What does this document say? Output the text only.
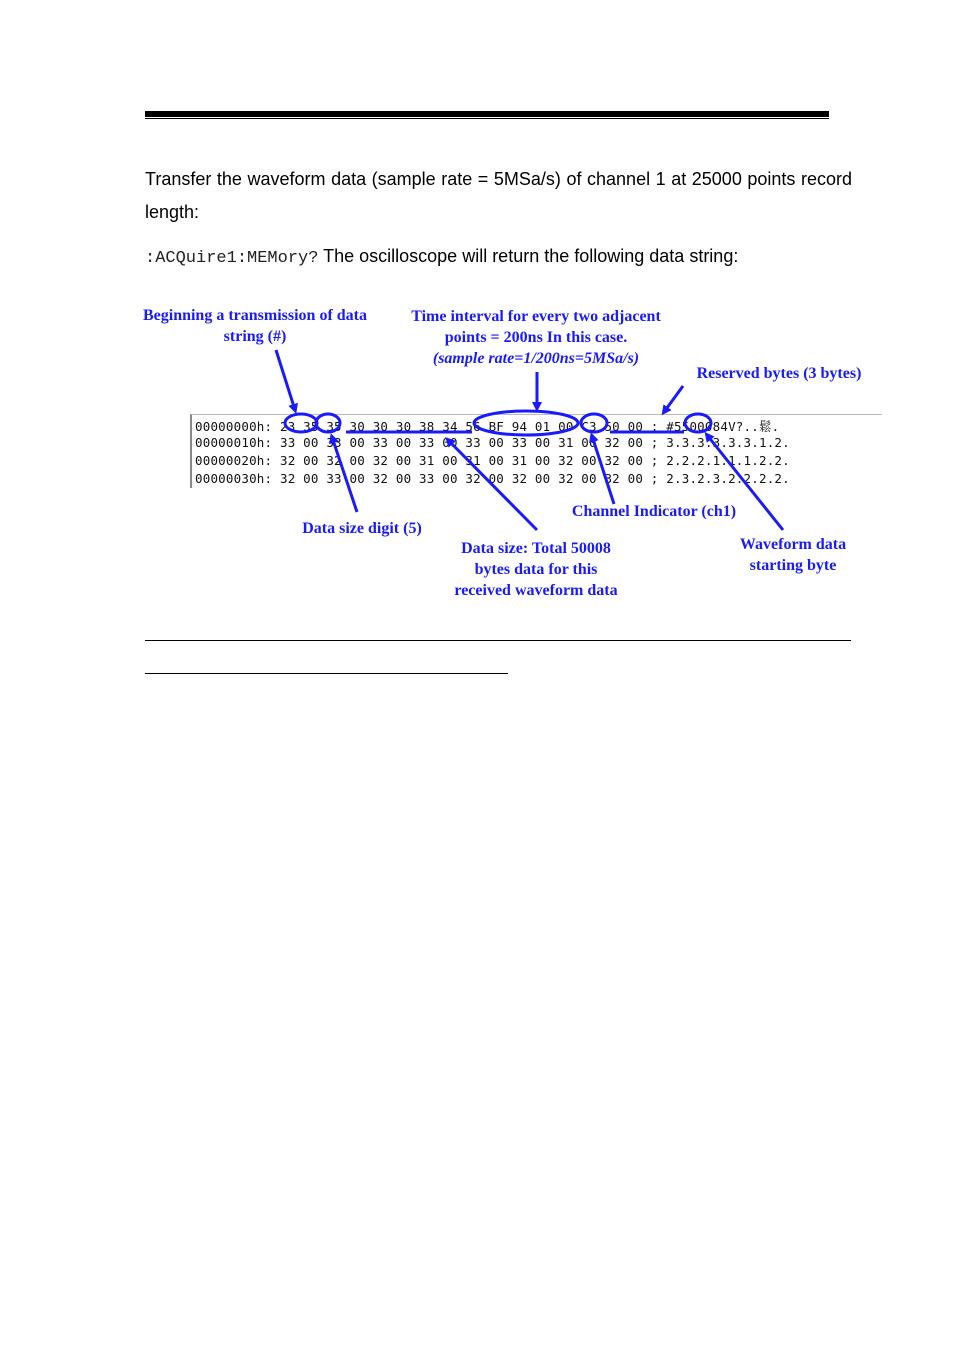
Transfer the waveform data (sample rate = 5MSa/s) of channel 1 at 25000 points record length:

:ACQuire1:MEMory? The oscilloscope will return the following data string:

00000000h: 23 35 35 30 30 30 38 34 56 BF 94 01 00 C3 50 00 ; #5500084V?..鬆.
00000010h: 33 00 33 00 33 00 33 00 33 00 33 00 31 00 32 00 ; 3.3.3.3.3.3.1.2.
00000020h: 32 00 32 00 32 00 31 00 31 00 31 00 32 00 32 00 ; 2.2.2.1.1.1.2.2.
00000030h: 32 00 33 00 32 00 33 00 32 00 32 00 32 00 32 00 ; 2.3.2.3.2.2.2.2.
Beginning a transmission of data
string (#)
Time interval for every two adjacent
points = 200ns In this case.
(sample rate=1/200ns=5MSa/s)
Reserved bytes (3 bytes)
Channel Indicator (ch1)
Data size digit (5)
Data size: Total 50008
bytes data for this
received waveform data
Waveform data
starting byte
